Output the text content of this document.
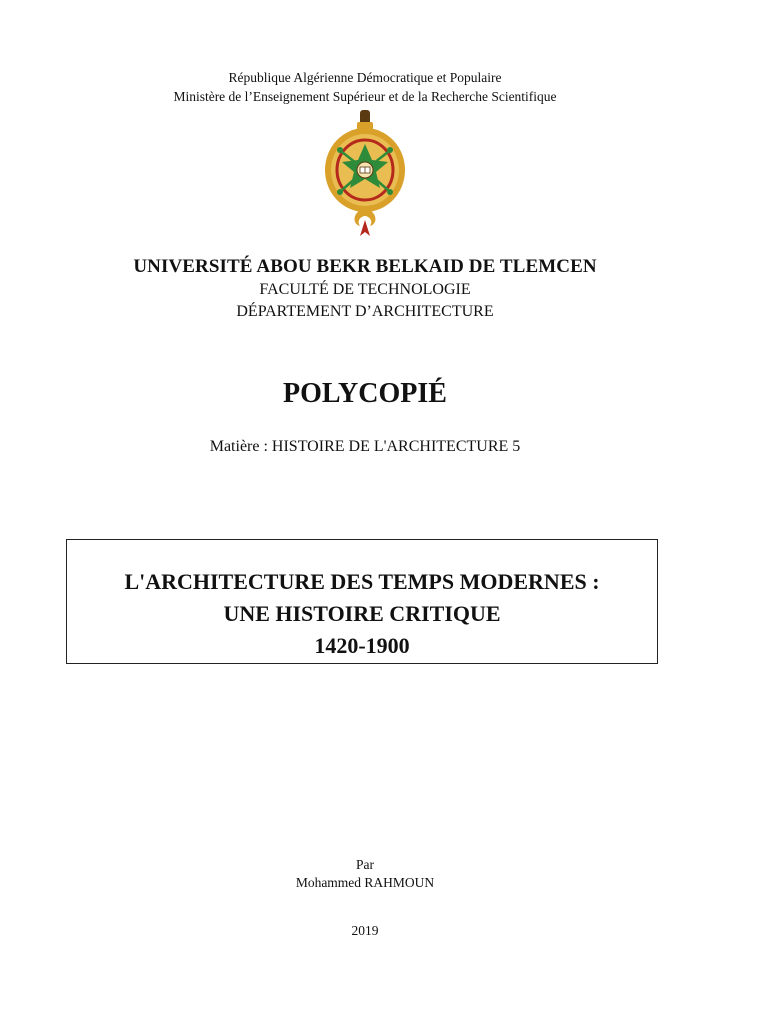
République Algérienne Démocratique et Populaire
Ministère de l’Enseignement Supérieur et de la Recherche Scientifique
UNIVERSITÉ ABOU BEKR BELKAID DE TLEMCEN
FACULTÉ DE TECHNOLOGIE
DÉPARTEMENT D’ARCHITECTURE
POLYCOPIÉ
Matière : HISTOIRE DE L'ARCHITECTURE 5
L'ARCHITECTURE DES TEMPS MODERNES :
UNE HISTOIRE CRITIQUE
1420-1900
Par
Mohammed RAHMOUN
2019
